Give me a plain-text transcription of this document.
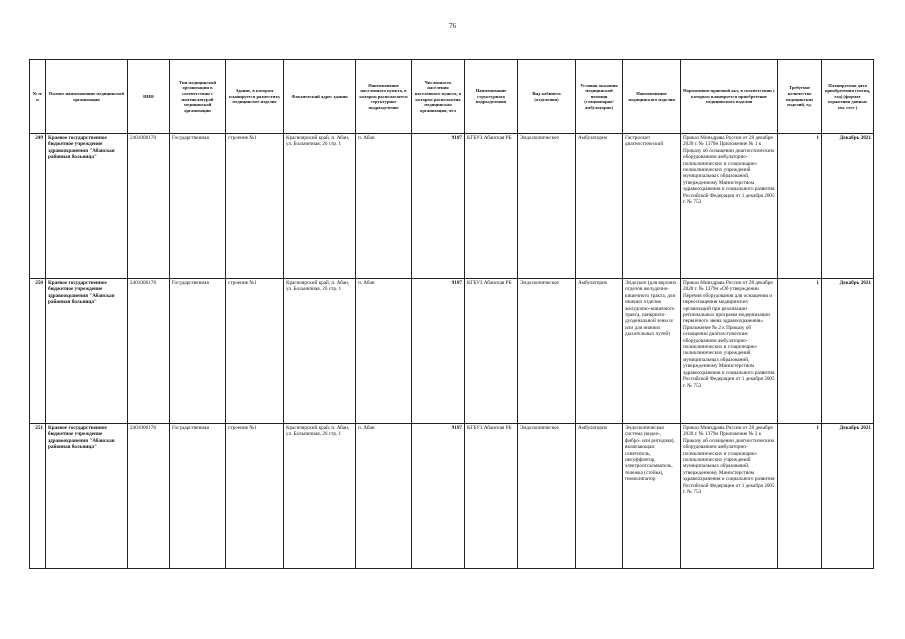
76
№ п/п	Полное наименование медицинской организации	ИНН	Тип медицинской организации в соответствии с номенклатурой медицинской организации	Здание, в котором планируется разместить медицинское изделие	Фактический адрес здания	Наименование населенного пункта, в котором располагается структурное подразделение	Численность населения населенного пункта, в котором расположена медицинская организация, чел	Наименование структурного подразделения	Вид кабинета (отделения)	Условия оказания медицинской помощи (стационарно/амбулаторно)	Наименование медицинского изделия	Нормативно-правовой акт, в соответствии с которым планируется приобретение медицинского изделия	Требуемое количество медицинских изделий, ед.	Планируемая дата приобретения (месяц, год) (формат отражения данных мм. гггг )
249	Краевое государственное бюджетное учреждение здравоохранения "Абанская районная больница"	2401000178	Государственная	строение №1	Красноярский край, п. Абан, ул. Больничная, 26 стр. 1	п. Абан	9187	КГБУЗ Абанская РБ	Эндоскопическое	Амбулаторно	Гастроскоп диагностический	Приказ Минздрава России от 28 декабря 2020 г. № 1379н Приложение № 1 к Приказу об оснащении диагностическим оборудованием амбулаторно-поликлинических и стационарно-поликлинических учреждений муниципальных образований, утвержденному Министерством здравоохранения и социального развития Российской Федерации от 1 декабря 2005 г. № 753	1	Декабрь 2021
250	Краевое государственное бюджетное учреждение здравоохранения "Абанская районная больница"	2401000178	Государственная	строение №1	Красноярский край, п. Абан, ул. Больничная, 26 стр. 1	п. Абан	9187	КГБУЗ Абанская РБ	Эндоскопическое	Амбулаторно	Эндоскоп (для верхних отделов желудочно-кишечного тракта, для нижних отделов желудочно-кишечного тракта, панкреато-дуоденальной зоны и/или для нижних дыхательных путей)	Приказ Минздрава России от 28 декабря 2020 г. № 1379н «Об утверждении Перечня оборудования для оснащения и переоснащения медицинских организаций при реализации региональных программ модернизации первичного звена здравоохранения» Приложение № 2 к Приказу об оснащении диагностическим оборудованием амбулаторно-поликлинических и стационарно-поликлинических учреждений муниципальных образований, утвержденному Министерством здравоохранения и социального развития Российской Федерации от 1 декабря 2005 г. № 753	1	Декабрь 2021
251	Краевое государственное бюджетное учреждение здравоохранения "Абанская районная больница"	2401000178	Государственная	строение №1	Красноярский край, п. Абан, ул. Больничная, 26 стр. 1	п. Абан	9187	КГБУЗ Абанская РБ	Эндоскопическое	Амбулаторно	Эндоскопическая система (видео-, фибро- или ригидная), включающая: осветитель, инсуффлятор, электроотсасыватель, тележка (стойка), гемоклипатор	Приказ Минздрава России от 28 декабря 2020 г. № 1379н Приложение № 2 к Приказу об оснащении диагностическим оборудованием амбулаторно-поликлинических и стационарно-поликлинических учреждений муниципальных образований, утвержденному Министерством здравоохранения и социального развития Российской Федерации от 1 декабря 2005 г. № 753	1	Декабрь 2021
